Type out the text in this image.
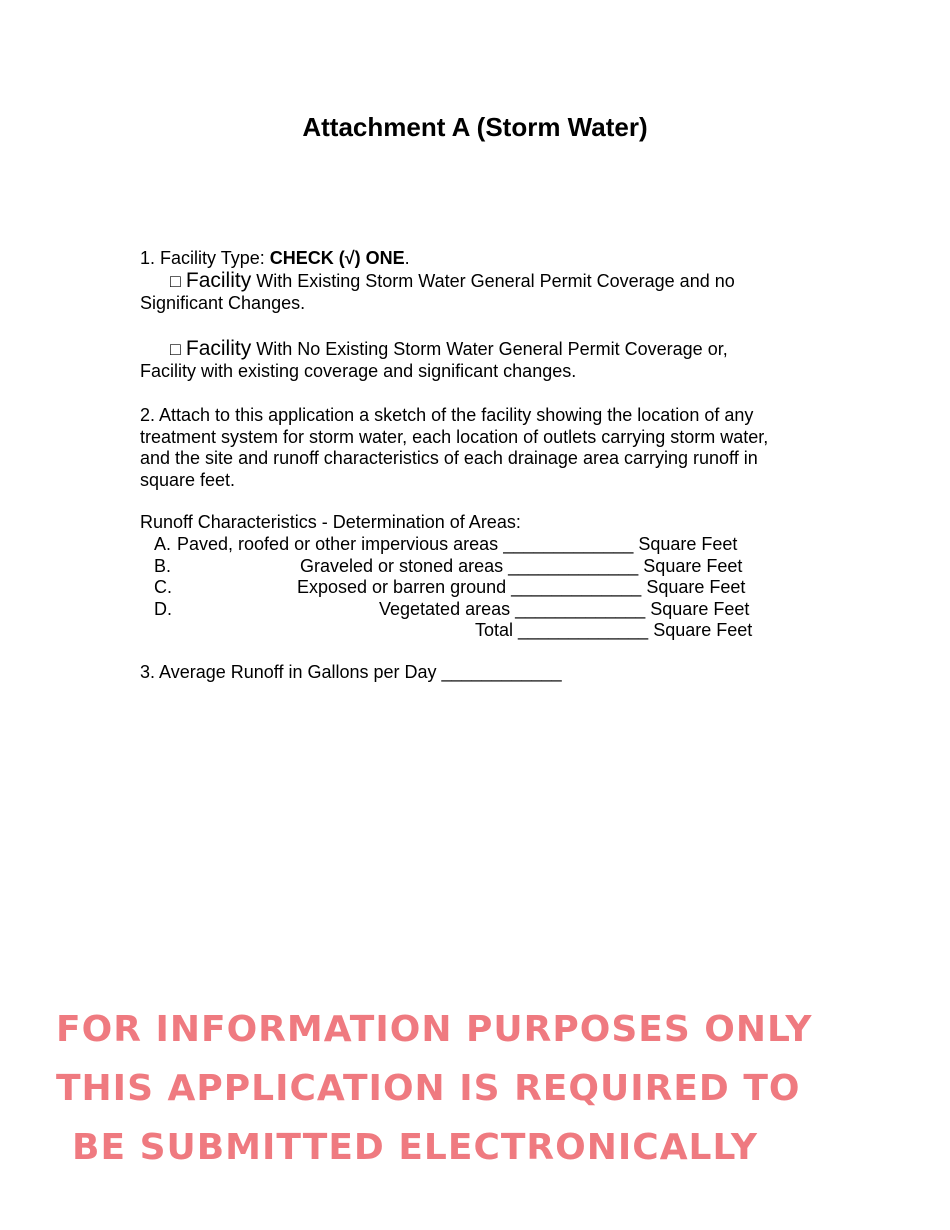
Attachment A (Storm Water)
1. Facility Type: CHECK (√) ONE.
□ Facility With Existing Storm Water General Permit Coverage and no
Significant Changes.
□ Facility With No Existing Storm Water General Permit Coverage or,
Facility with existing coverage and significant changes.
2. Attach to this application a sketch of the facility showing the location of any treatment system for storm water, each location of outlets carrying storm water, and the site and runoff characteristics of each drainage area carrying runoff in square feet.
Runoff Characteristics - Determination of Areas:
A. Paved, roofed or other impervious areas _____________ Square Feet
B.	Graveled or stoned areas _____________ Square Feet
C.	Exposed or barren ground _____________ Square Feet
D.	Vegetated areas _____________ Square Feet
Total _____________ Square Feet
3. Average Runoff in Gallons per Day ____________
FOR INFORMATION PURPOSES ONLY
THIS APPLICATION IS REQUIRED TO
BE SUBMITTED ELECTRONICALLY
